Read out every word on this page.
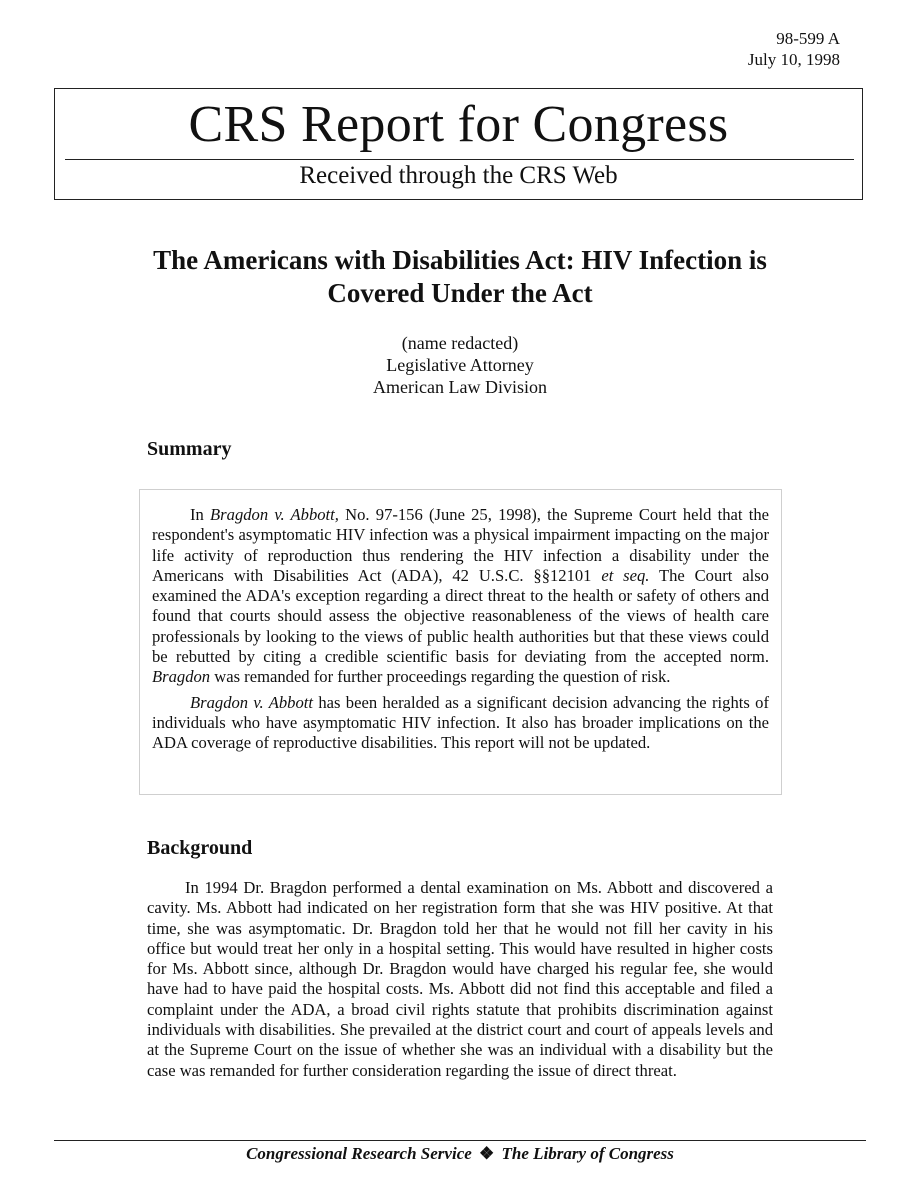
98-599 A
July 10, 1998
CRS Report for Congress
Received through the CRS Web
The Americans with Disabilities Act: HIV Infection is Covered Under the Act
(name redacted)
Legislative Attorney
American Law Division
Summary

In Bragdon v. Abbott, No. 97-156 (June 25, 1998), the Supreme Court held that the respondent's asymptomatic HIV infection was a physical impairment impacting on the major life activity of reproduction thus rendering the HIV infection a disability under the Americans with Disabilities Act (ADA), 42 U.S.C. §§12101 et seq. The Court also examined the ADA's exception regarding a direct threat to the health or safety of others and found that courts should assess the objective reasonableness of the views of health care professionals by looking to the views of public health authorities but that these views could be rebutted by citing a credible scientific basis for deviating from the accepted norm. Bragdon was remanded for further proceedings regarding the question of risk.

Bragdon v. Abbott has been heralded as a significant decision advancing the rights of individuals who have asymptomatic HIV infection. It also has broader implications on the ADA coverage of reproductive disabilities. This report will not be updated.

Background

In 1994 Dr. Bragdon performed a dental examination on Ms. Abbott and discovered a cavity. Ms. Abbott had indicated on her registration form that she was HIV positive. At that time, she was asymptomatic. Dr. Bragdon told her that he would not fill her cavity in his office but would treat her only in a hospital setting. This would have resulted in higher costs for Ms. Abbott since, although Dr. Bragdon would have charged his regular fee, she would have had to have paid the hospital costs. Ms. Abbott did not find this acceptable and filed a complaint under the ADA, a broad civil rights statute that prohibits discrimination against individuals with disabilities. She prevailed at the district court and court of appeals levels and at the Supreme Court on the issue of whether she was an individual with a disability but the case was remanded for further consideration regarding the issue of direct threat.

Congressional Research Service ❖ The Library of Congress
